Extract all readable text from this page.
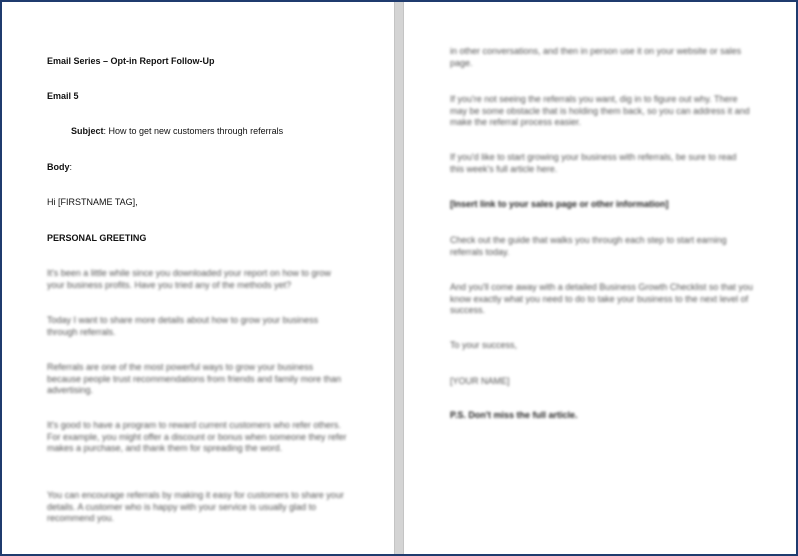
Email Series – Opt-in Report Follow-Up
Email 5
Subject: How to get new customers through referrals
Body:
Hi [FIRSTNAME TAG],
PERSONAL GREETING
It's been a little while since you downloaded your report on how to grow your business profits. Have you tried any of the methods yet?
Today I want to share more details about how to grow your business through referrals.
Referrals are one of the most powerful ways to grow your business because people trust recommendations from friends and family more than advertising.
It's good to have a program to reward current customers who refer others. For example, you might offer a discount or bonus when someone they refer makes a purchase, and thank them for spreading the word.
You can encourage referrals by making it easy for customers to share your details. A customer who is happy with your service is usually glad to recommend you.
in other conversations, and then in person use it on your website or sales page.
If you're not seeing the referrals you want, dig in to figure out why. There may be some obstacle that is holding them back, so you can address it and make the referral process easier.
If you'd like to start growing your business with referrals, be sure to read this week's full article here.
[Insert link to your sales page or other information]
Check out the guide that walks you through each step to start earning referrals today.
And you'll come away with a detailed Business Growth Checklist so that you know exactly what you need to do to take your business to the next level of success.
To your success,
[YOUR NAME]
P.S. Don't miss the full article.
